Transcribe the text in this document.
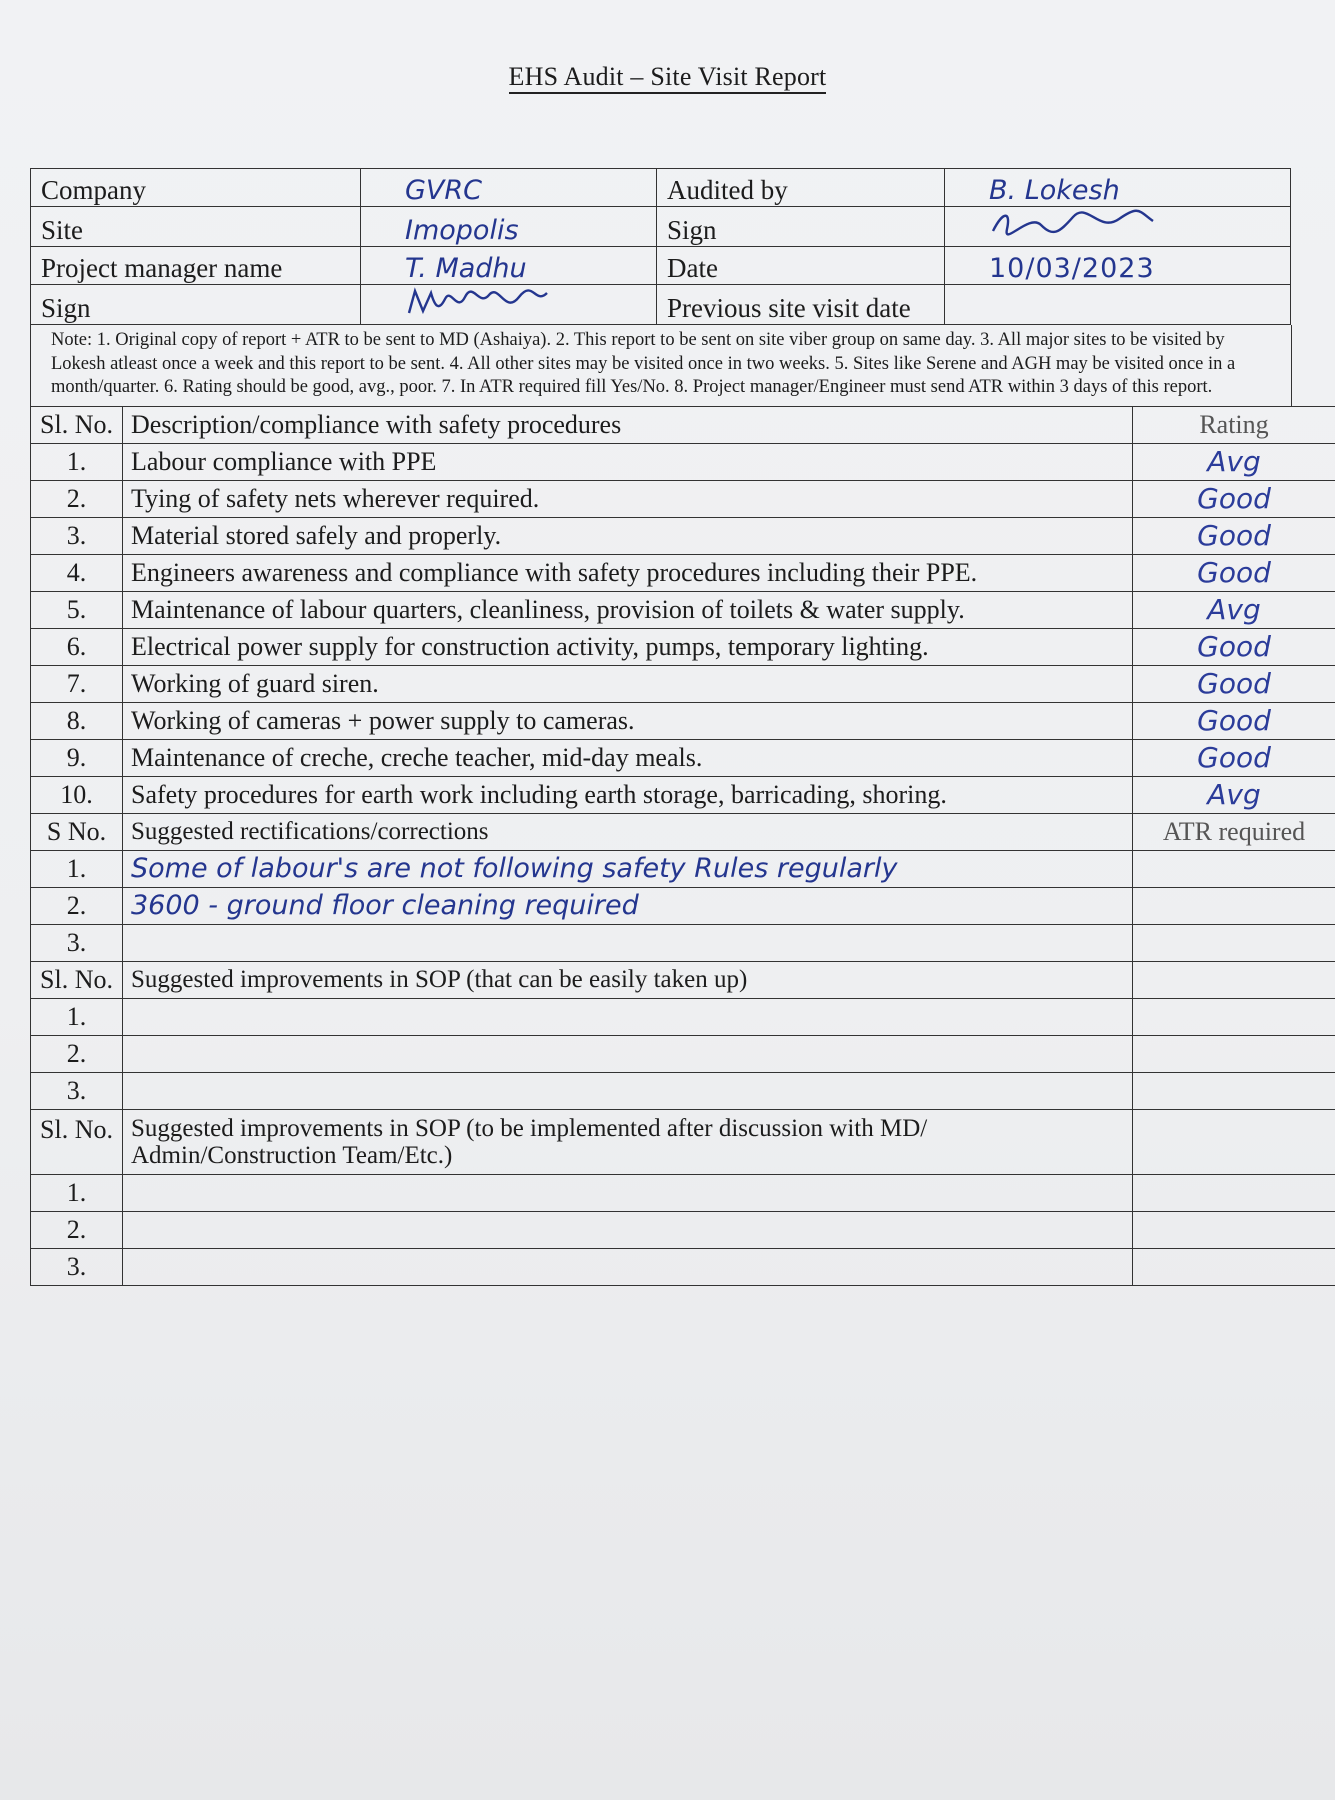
EHS Audit – Site Visit Report
Company	GVRC	Audited by	B. Lokesh
Site	Imopolis	Sign	
Project manager name	T. Madhu	Date	10/03/2023
Sign		Previous site visit date	
Note: 1. Original copy of report + ATR to be sent to MD (Ashaiya). 2. This report to be sent on site viber group on same day. 3. All major sites to be visited by Lokesh atleast once a week and this report to be sent. 4. All other sites may be visited once in two weeks. 5. Sites like Serene and AGH may be visited once in a month/quarter. 6. Rating should be good, avg., poor. 7. In ATR required fill Yes/No. 8. Project manager/Engineer must send ATR within 3 days of this report.
Sl. No.	Description/compliance with safety procedures	Rating
1.	Labour compliance with PPE	Avg
2.	Tying of safety nets wherever required.	Good
3.	Material stored safely and properly.	Good
4.	Engineers awareness and compliance with safety procedures including their PPE.	Good
5.	Maintenance of labour quarters, cleanliness, provision of toilets & water supply.	Avg
6.	Electrical power supply for construction activity, pumps, temporary lighting.	Good
7.	Working of guard siren.	Good
8.	Working of cameras + power supply to cameras.	Good
9.	Maintenance of creche, creche teacher, mid-day meals.	Good
10.	Safety procedures for earth work including earth storage, barricading, shoring.	Avg
S No.	Suggested rectifications/corrections	ATR required
1.	Some of labour's are not following safety Rules regularly	
2.	3600 - ground floor cleaning required	
3.		
Sl. No.	Suggested improvements in SOP (that can be easily taken up)	
1.		
2.		
3.		
Sl. No.	Suggested improvements in SOP (to be implemented after discussion with MD/ Admin/Construction Team/Etc.)	
1.		
2.		
3.		
